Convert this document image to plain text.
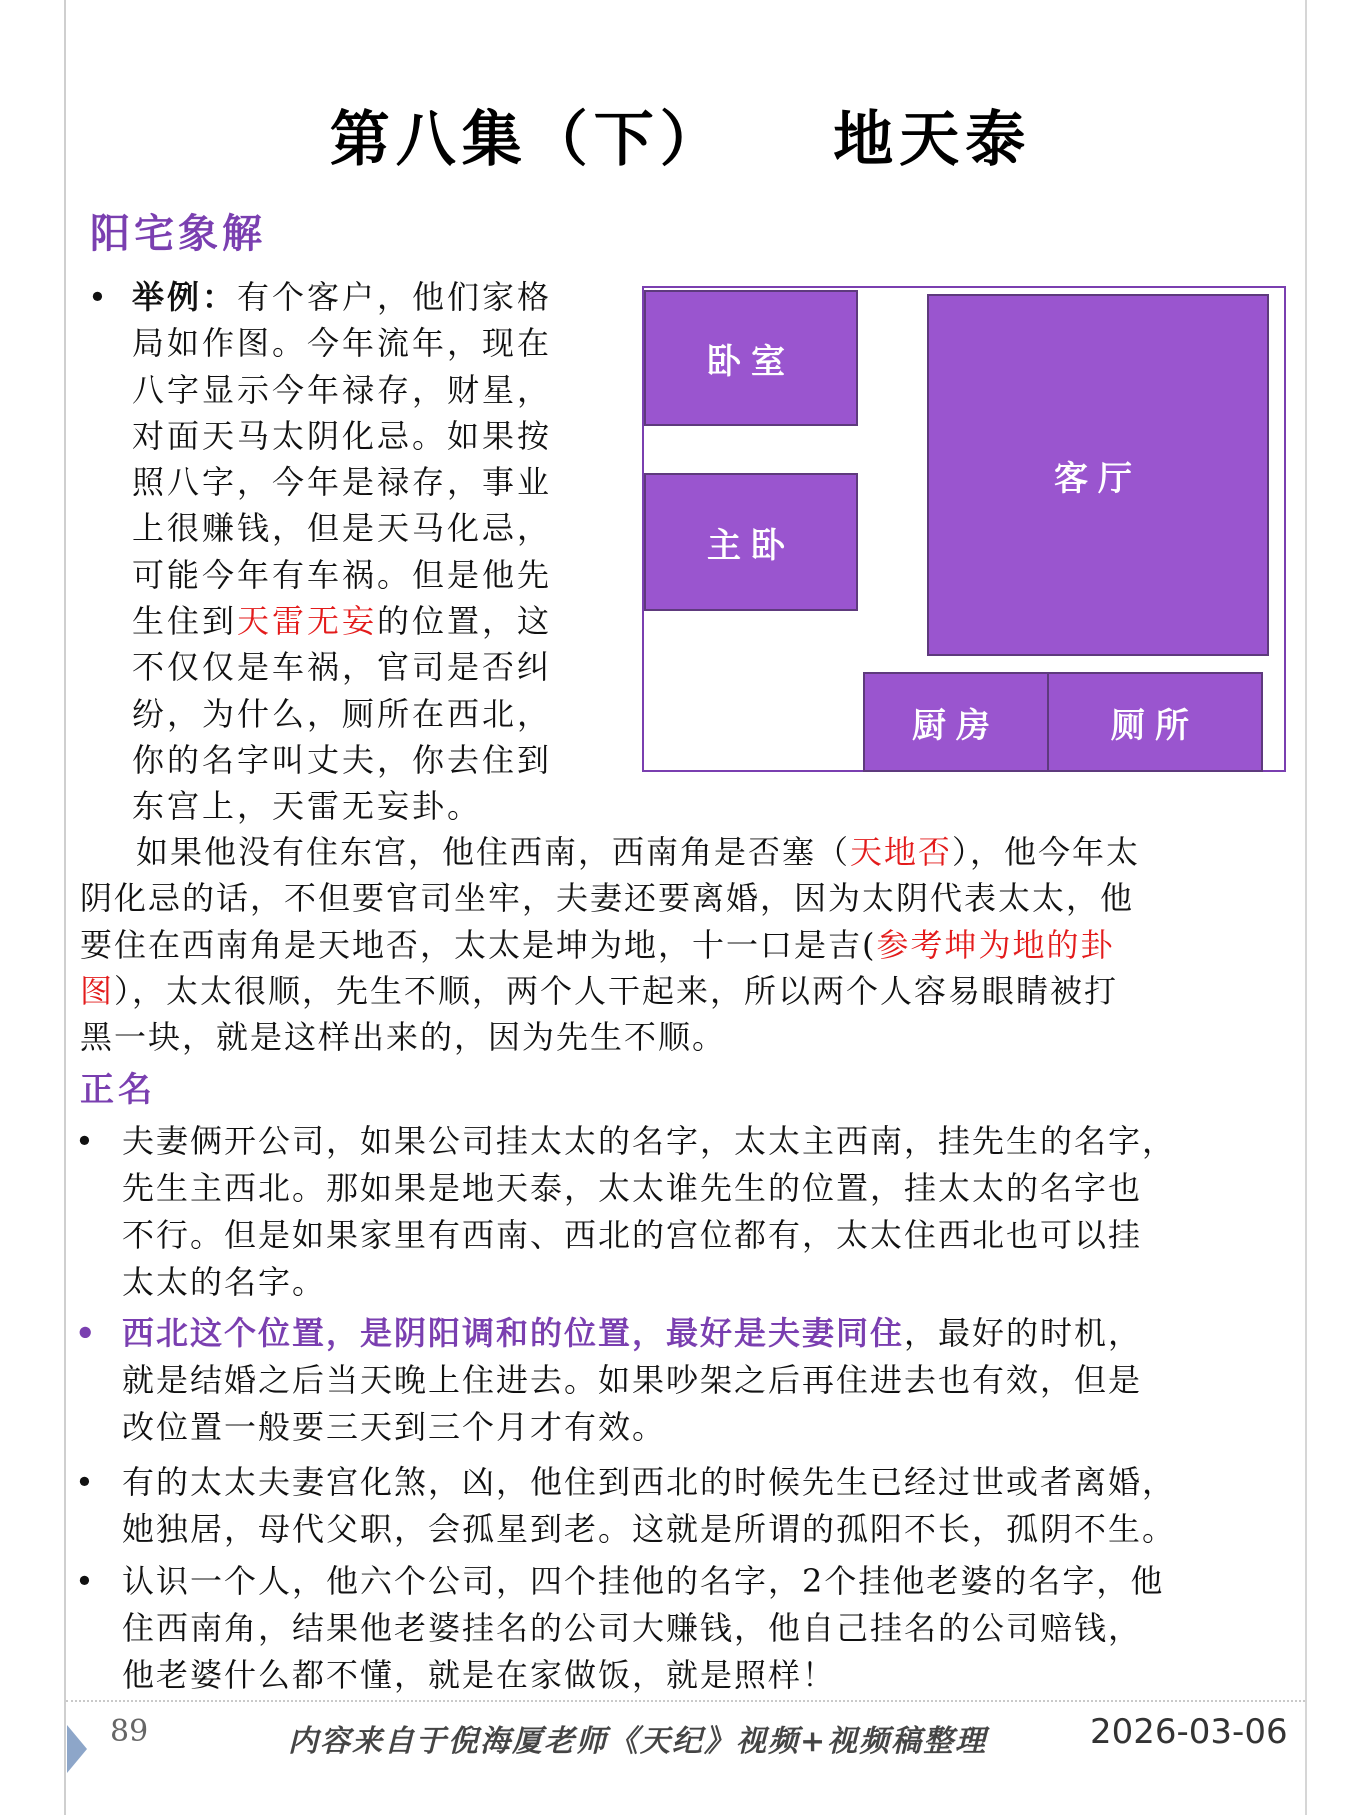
第八集（下）    地天泰
阳宅象解
• 举例：有个客户，他们家格
局如作图。今年流年，现在
八字显示今年禄存，财星，
对面天马太阴化忌。如果按
照八字，今年是禄存，事业
上很赚钱，但是天马化忌，
可能今年有车祸。但是他先
生住到天雷无妄的位置，这
不仅仅是车祸，官司是否纠
纷，为什么，厕所在西北，
你的名字叫丈夫，你去住到
东宫上，天雷无妄卦。
卧室
主卧
客厅
厨房	厕所
如果他没有住东宫，他住西南，西南角是否塞（天地否），他今年太
阴化忌的话，不但要官司坐牢，夫妻还要离婚，因为太阴代表太太，他
要住在西南角是天地否，太太是坤为地，十一口是吉(参考坤为地的卦
图），太太很顺，先生不顺，两个人干起来，所以两个人容易眼睛被打
黑一块，就是这样出来的，因为先生不顺。
正名
• 夫妻俩开公司，如果公司挂太太的名字，太太主西南，挂先生的名字，
先生主西北。那如果是地天泰，太太谁先生的位置，挂太太的名字也
不行。但是如果家里有西南、西北的宫位都有，太太住西北也可以挂
太太的名字。
• 西北这个位置，是阴阳调和的位置，最好是夫妻同住，最好的时机，
就是结婚之后当天晚上住进去。如果吵架之后再住进去也有效，但是
改位置一般要三天到三个月才有效。
• 有的太太夫妻宫化煞，凶，他住到西北的时候先生已经过世或者离婚，
她独居，母代父职，会孤星到老。这就是所谓的孤阳不长，孤阴不生。
• 认识一个人，他六个公司，四个挂他的名字，2个挂他老婆的名字，他
住西南角，结果他老婆挂名的公司大赚钱，他自己挂名的公司赔钱，
他老婆什么都不懂，就是在家做饭，就是照样！
89	内容来自于倪海厦老师《天纪》视频+视频稿整理	2026-03-06
